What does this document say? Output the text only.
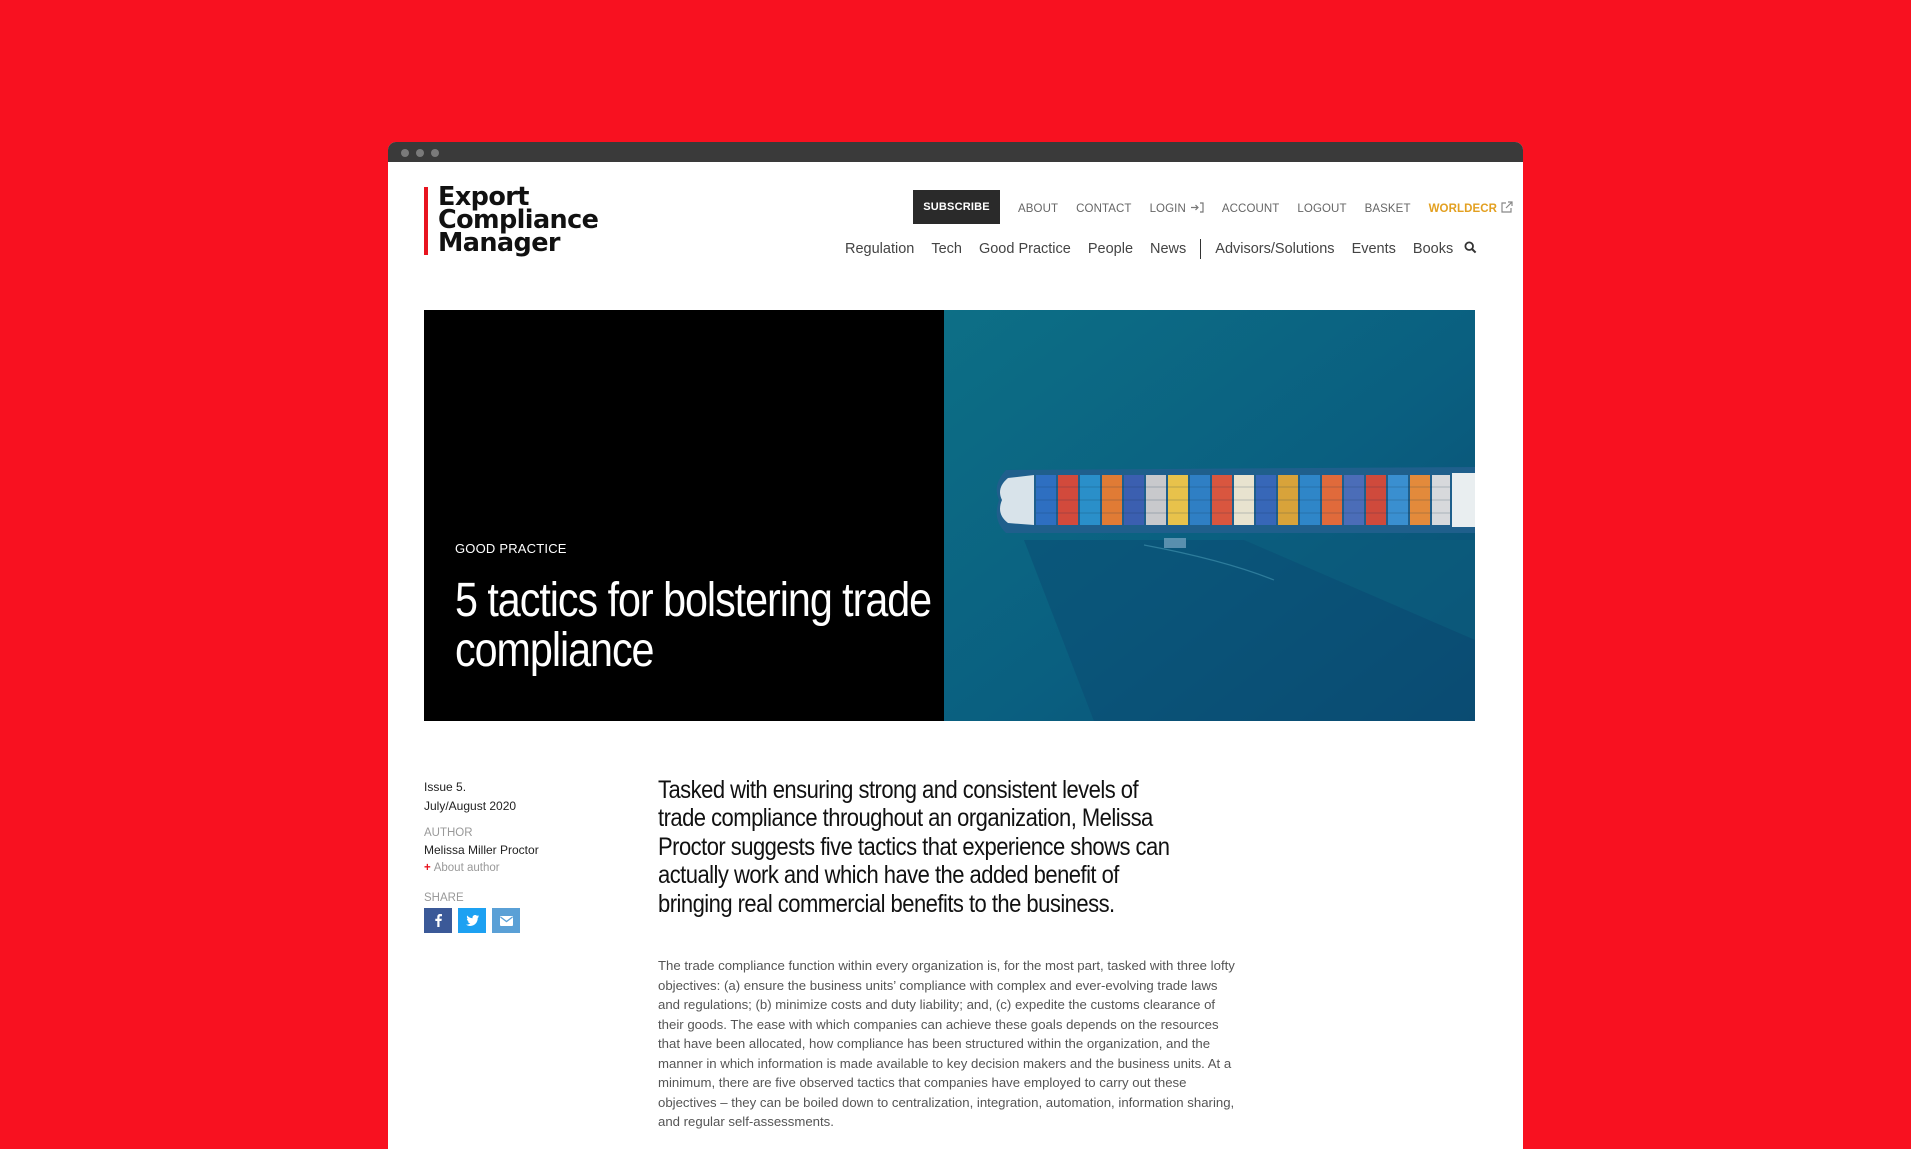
Export
Compliance
Manager
SUBSCRIBE	ABOUT CONTACT LOGIN	ACCOUNT LOGOUT BASKET WORLDECR
Regulation Tech Good Practice People News Advisors/Solutions Events Books
GOOD PRACTICE
5 tactics for bolstering trade compliance
Issue 5.
July/August 2020
AUTHOR
Melissa Miller Proctor
+ About author
SHARE
Tasked with ensuring strong and consistent levels of trade compliance throughout an organization, Melissa Proctor suggests five tactics that experience shows can actually work and which have the added benefit of bringing real commercial benefits to the business.
The trade compliance function within every organization is, for the most part, tasked with three lofty objectives: (a) ensure the business units’ compliance with complex and ever-evolving trade laws and regulations; (b) minimize costs and duty liability; and, (c) expedite the customs clearance of their goods. The ease with which companies can achieve these goals depends on the resources that have been allocated, how compliance has been structured within the organization, and the manner in which information is made available to key decision makers and the business units. At a minimum, there are five observed tactics that companies have employed to carry out these objectives – they can be boiled down to centralization, integration, automation, information sharing, and regular self-assessments.
